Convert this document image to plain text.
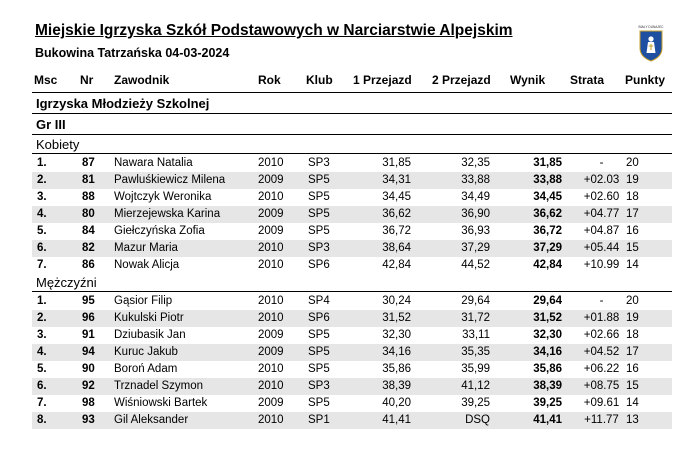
Miejskie Igrzyska Szkół Podstawowych w Narciarstwie Alpejskim
Bukowina Tatrzańska 04-03-2024
BIAŁY DUNAJEC
Msc Nr Zawodnik	Rok Klub 1 Przejazd 2 Przejazd Wynik Strata Punkty
Igrzyska Młodzieży Szkolnej
Gr III
Kobiety
1.	87 Nawara Natalia	2010 SP3	31,85	32,35	31,85	-	20
2.	81 Pawluśkiewicz Milena	2009 SP5	34,31	33,88	33,88	+02.03 19
3.	88 Wojtczyk Weronika	2010 SP5	34,45	34,49	34,45	+02.60 18
4.	80 Mierzejewska Karina	2009 SP5	36,62	36,90	36,62	+04.77 17
5.	84 Giełczyńska Zofia	2009 SP5	36,72	36,93	36,72	+04.87 16
6.	82 Mazur Maria	2010 SP3	38,64	37,29	37,29	+05.44 15
7.	86 Nowak Alicja	2010 SP6	42,84	44,52	42,84	+10.99 14
Mężczyźni
1.	95 Gąsior Filip	2010 SP4	30,24	29,64	29,64	-	20
2.	96 Kukulski Piotr	2010 SP6	31,52	31,72	31,52	+01.88 19
3.	91 Dziubasik Jan	2009 SP5	32,30	33,11	32,30	+02.66 18
4.	94 Kuruc Jakub	2009 SP5	34,16	35,35	34,16	+04.52 17
5.	90 Boroń Adam	2010 SP5	35,86	35,99	35,86	+06.22 16
6.	92 Trznadel Szymon	2010 SP3	38,39	41,12	38,39	+08.75 15
7.	98 Wiśniowski Bartek	2009 SP5	40,20	39,25	39,25	+09.61 14
8.	93 Gil Aleksander	2010 SP1	41,41	DSQ	41,41	+11.77 13
